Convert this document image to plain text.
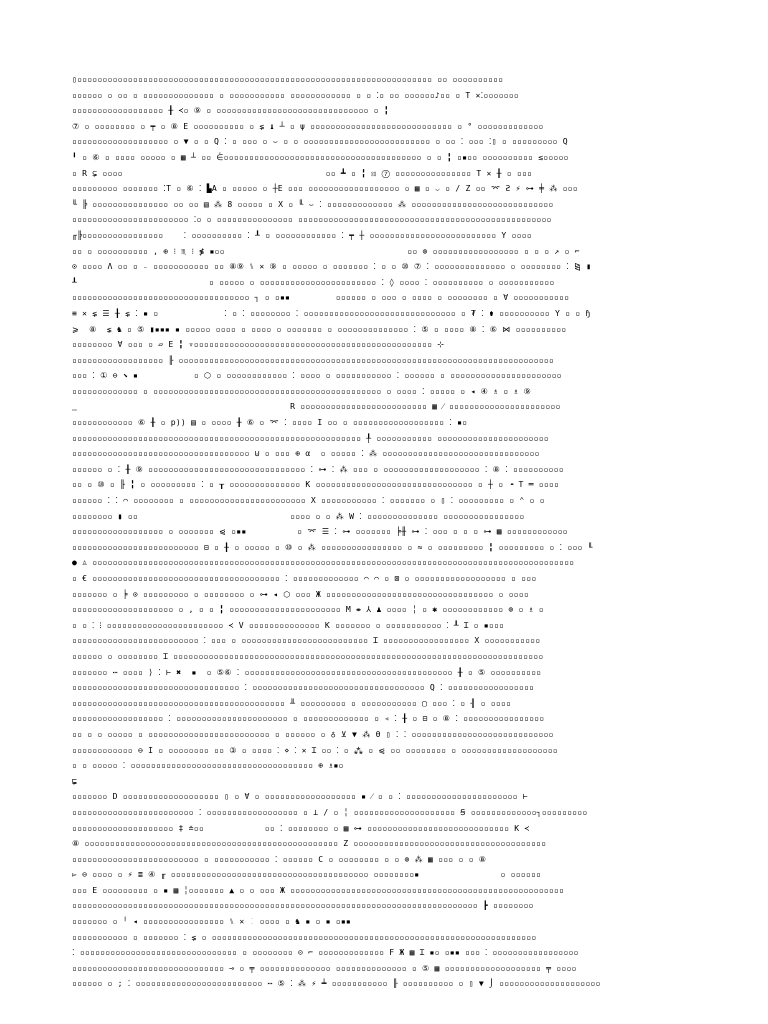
▯▫▫▫▫▫▫▫▫▫▫▫▫▫▫▫▫▫▫▫▫▫▫▫▫▫▫▫▫▫▫▫▫▫▫▫▫▫▫▫▫▫▫▫▫▫▫▫▫▫▫▫▫▫▫▫▫▫▫▫▫▫▫▫▫▫▫▫▫▫▫ ▫▫ ▫▫▫▫▫▫▫▫▫▫
▫▫▫▫▫▫ ▫ ▫▫ ▫ ▫▫▫▫▫▫▫▫▫▫▫▫▫▫ ▫ ▫▫▫▫▫▫▫▫▫▫▫ ▫▫▫▫▫▫▫▫▫▫▫▫ ▫ ▫ ⁚▫ ▫▫ ▫▫▫▫▫▫♪▫▫ ▫ T ✕⁚▫▫▫▫▫▫▫
▫▫▫▫▫▫▫▫▫▫▫▫▫▫▫▫▫▫ ╂ ≺▫ ⑨ ▫ ▫▫▫▫▫▫▫▫▫▫▫▫▫▫▫▫▫▫▫▫▫▫▫▫▫▫▫▫▫▫ ▫ ╏
⑦ ▫ ▫▫▫▫▫▫▫▫ ▫ ┯ ▫ ⑧ E ▫▫▫▫▫▫▫▫▫▫ ▫ ⋦ ♝ ┴ ▫ ψ ▫▫▫▫▫▫▫▫▫▫▫▫▫▫▫▫▫▫▫▫▫▫▫▫▫▫▫▫ ▫ ° ▫▫▫▫▫▫▫▫▫▫▫▫▫
▫▫▫▫▫▫▫▫▫▫▫▫▫▫▫▫▫▫▫ ▫ ▼ ▫ ▫ Q ⁚ ▫ ▫▫▫ ▫ ⌣ ▫ ▫ ▫▫▫▫▫▫▫▫▫▫▫▫▫▫▫▫▫▫▫▫▫▫▫▫▫ ▫ ▫▫ ⁚ ▫▫▫ ⁚▯ ▫ ▫▫▫▫▫▫▫▫▫ Q
╹ ▫ ⑥ ▫ ▫▫▫▫ ▫▫▫▫▫ ▫ ▦ ┴ ▫▫ ⋵▫▫▫▫▫▫▫▫▫▫▫▫▫▫▫▫▫▫▫▫▫▫▫▫▫▫▫▫▫▫▫▫▫▫▫▫▫▫▫ ▫ ▫ ╏ ▫▪▫▫ ▫▫▫▫▫▫▫▫▫▫ ≲▫▫▫▫▫
▫ R ⊊ ▫▫▫▫                                        ▫▫ ┻ ▫ ╏ ⦂⦂ ⑦ ▫▫▫▫▫▫▫▫▫▫▫▫▫▫▫ T ✕ ╫ ▫ ▫▫▫
▫▫▫▫▫▫▫▫▫ ▫▫▫▫▫▫▫ ⁚T ▫ ⑥ ⁚ ▙A ▫ ▫▫▫▫▫ ▫ ┼E ▫▫▫ ▫▫▫▫▫▫▫▫▫▫▫▫▫▫▫▫▫▫ ▫ ▦ ▫ ⌵ ▫ / Z ▫▫ ⌤ Ƨ ⚡ ⊶ ╪ ⁂ ▫▫▫
╙ ╠ ▫▫▫▫▫▫▫▫▫▫▫▫▫▫▫ ▫▫ ▫▫ ▤ ⁂ 8 ▫▫▫▫▫ ▫ X ▫ ╙ ⌣ ⁚ ▫▫▫▫▫▫▫▫▫▫▫▫▫ ⁂ ▫▫▫▫▫▫▫▫▫▫▫▫▫▫▫▫▫▫▫▫▫▫▫▫▫▫▫▫
▫▫▫▫▫▫▫▫▫▫▫▫▫▫▫▫▫▫▫▫▫▫▫ ⁚▫ ▫ ▫▫▫▫▫▫▫▫▫▫▫▫▫▫▫ ▫▫▫▫▫▫▫▫▫▫▫▫▫▫▫▫▫▫▫▫▫▫▫▫▫▫▫▫▫▫▫▫▫▫▫▫▫▫▫▫▫▫▫▫▫▫▫▫▫▫
╓╠▫▫▫▫▫▫▫▫▫▫▫▫▫▫▫▫    ⁚ ▫▫▫▫▫▫▫▫▫▫ ⁚ ┸ ▫ ▫▫▫▫▫▫▫▫▫▫▫▫ ⁚ ┯ ┼ ▫▫▫▫▫▫▫▫▫▫▫▫▫▫▫▫▫▫▫▫▫▫▫▫▫ Y ▫▫▫▫
▫▫ ▫ ▫▫▫▫▫▫▫▫▫▫ , ⊕ ⁝ ♏ ⁝ ≸ ▪▫▫                                    ▫▫ ⊚ ▫▫▫▫▫▫▫▫▫▫▫▫▫▫▫▫▫ ▫ ▫ ▫ ↗ ▫ ⌐
⊙ ▫▫▫▫ Λ ▫▫ ▫ ₋ ▫▫▫▫▫▫▫▫▫▫▫ ▫▫ ⑧⑨ ⑊ ✕ ⑨ ▫ ▫▫▫▫▫ ▫ ▫▫▫▫▫▫▫ ⁚ ▫ ▫ ⑩ ⑦ ⁚ ▫▫▫▫▫▫▫▫▫▫▫▫▫▫ ▫ ▫▫▫▫▫▫▫▫ ⁚ ⧎ ▮
┸                          ▫ ▫▫▫▫▫ ▫ ▫▫▫▫▫▫▫▫▫▫▫▫▫▫▫▫▫▫▫▫▫▫▫ ⁚ ◊ ▫▫▫▫ ⁚ ▫▫▫▫▫▫▫▫▫▫ ▫ ▫▫▫▫▫▫▫▫▫▫▫
▫▫▫▫▫▫▫▫▫▫▫▫▫▫▫▫▫▫▫▫▫▫▫▫▫▫▫▫▫▫▫▫▫▫▫ ┐ ▫ ▫▪▪         ▫▫▫▫▫▫ ▫ ▫▫▫ ▫ ▫▫▫▫ ▫ ▫▫▫▫▫▫▫▫ ▫ ∀ ▫▫▫▫▫▫▫▫▫▫▫
≡ ✕ ⋦ ☰ ╂ ⋦ ⁚ ▪ ▫             ⁚ ▫ ⁚ ▫▫▫▫▫▫▫▫ ⁚ ▫▫▫▫▫▫▫▫▫▫▫▫▫▫▫▫▫▫▫▫▫▫▫▫▫▫▫▫▫▫ ▫ ₮ ⁚ ⚱ ▫▫▫▫▫▫▫▫▫▫ Y ▫ ▫ ɧ
⩾  ⑧  ⋦ ♞ ▫ ⑤ ▮▪▪▪ ▪ ▫▫▫▫▫ ▫▫▫▫ ▫ ▫▫▫▫ ▫ ▫▫▫▫▫▫▫ ▫ ▫▫▫▫▫▫▫▫▫▫▫▫▫▫ ⁚ ⑤ ▫ ▫▫▫▫ ⑧ ⁚ ⑥ ⋈ ▫▫▫▫▫▫▫▫▫▫
▫▫▫▫▫▫▫▫ ∀ ▫▫▫ ▫ ▱ E ╏ ▿▫▫▫▫▫▫▫▫▫▫▫▫▫▫▫▫▫▫▫▫▫▫▫▫▫▫▫▫▫▫▫▫▫▫▫▫▫▫▫▫▫▫▫▫▫▫▫ ⊹
▫▫▫▫▫▫▫▫▫▫▫▫▫▫▫▫▫▫ ╟ ▫▫▫▫▫▫▫▫▫▫▫▫▫▫▫▫▫▫▫▫▫▫▫▫▫▫▫▫▫▫▫▫▫▫▫▫▫▫▫▫▫▫▫▫▫▫▫▫▫▫▫▫▫▫▫▫▫▫▫▫▫▫▫▫▫▫▫▫▫▫▫▫▫▫
▫▫▫ ⁚ ① ⊖ ⬊ ▪           ▫ ⬡ ▫ ▫▫▫▫▫▫▫▫▫▫▫▫ ⁚ ▫▫▫▫ ▫ ▫▫▫▫▫▫▫▫▫▫▫ ⁚ ▫▫▫▫▫▫ ▫ ▫▫▫▫▫▫▫▫▫▫▫▫▫▫▫▫▫▫▫▫▫▫
▫▫▫▫▫▫▫▫▫▫▫▫▫ ▫ ▫▫▫▫▫▫▫▫▫▫▫▫▫▫▫▫▫▫▫▫▫▫▫▫▫▫▫▫▫▫▫▫▫▫▫▫▫▫▫▫▫▫▫▫▫ ▫ ▫▫▫▫ ⁚ ▫▫▫▫▫ ▫ ◂ ④ ♗ ▫ ♗ ⑨
‗                                          R ▫▫▫▫▫▫▫▫▫▫▫▫▫▫▫▫▫▫▫▫▫▫▫▫▫ ▦ ⁄ ▫▫▫▫▫▫▫▫▫▫▫▫▫▫▫▫▫▫▫▫▫▫
▫▫▫▫▫▫▫▫▫▫▫▫ ⑥ ╂ ▫ p)) ▤ ▫ ▫▫▫▫ ╂ ⑥ ▫ ⌤ ⁚ ▫▫▫▫ I ▫▫ ▫ ▫▫▫▫▫▫▫▫▫▫▫▫▫▫▫▫▫▫ ⁚ ▪▫
▫▫▫▫▫▫▫▫▫▫▫▫▫▫▫▫▫▫▫▫▫▫▫▫▫▫▫▫▫▫▫▫▫▫▫▫▫▫▫▫▫▫▫▫▫▫▫▫▫▫▫▫▫▫▫▫▫ ╀ ▫▫▫▫▫▫▫▫▫▫▫ ▫▫▫▫▫▫▫▫▫▫▫▫▫▫▫▫▫▫▫▫▫▫
▫▫▫▫▫▫▫▫▫▫▫▫▫▫▫▫▫▫▫▫▫▫▫▫▫▫▫▫▫▫▫▫▫▫▫ ⊍ ▫ ▫▫▫ ⊕ α  ▫ ▫▫▫▫▫ ⁚ ⁂ ▫▫▫▫▫▫▫▫▫▫▫▫▫▫▫▫▫▫▫▫▫▫▫▫▫▫▫▫▫▫▫
▫▫▫▫▫▫ ▫ ⁚ ╂ ⑨ ▫▫▫▫▫▫▫▫▫▫▫▫▫▫▫▫▫▫▫▫▫▫▫▫▫▫▫▫▫▫▫ ⁚ ⊶ ⁚ ⁂ ▫▫▫ ▫ ▫▫▫▫▫▫▫▫▫▫▫▫▫▫▫▫▫▫▫ ⁚ ⑧ ⁚ ▫▫▫▫▫▫▫▫▫▫
▫▫ ▫ ⑩ ▫ ╟ ╏ ▫ ▫▫▫▫▫▫▫▫▫ ⁚ ▫ ┰ ▫▫▫▫▫▫▫▫▫▫▫▫▫▫ K ▫▫▫▫▫▫▫▫▫▫▫▫▫▫▫▫▫▫▫▫▫▫▫▫▫▫▫▫▫▫▫ ▫ ┼ ▫ ╺ T ═ ▫▫▫▫
▫▫▫▫▫▫ ⁚ ⁚ ⌒ ▫▫▫▫▫▫▫▫ ▫ ▫▫▫▫▫▫▫▫▫▫▫▫▫▫▫▫▫▫▫▫▫▫▫ X ▫▫▫▫▫▫▫▫▫▫▫ ⁚ ▫▫▫▫▫▫▫ ▫ ▯ ⁚ ▫▫▫▫▫▫▫▫▫ ▫ ⌃ ▫ ▫
▫▫▫▫▫▫▫▫ ▮ ▫▫                              ▫▫▫▫ ▫ ▫ ⁂ W ⁚ ▫▫▫▫▫▫▫▫▫▫▫▫▫▫ ▫▫▫▫▫▫▫▫▫▫▫▫▫▫▫▫
▫▫▫▫▫▫▫▫▫▫▫▫▫▫▫▫▫▫ ▫ ▫▫▫▫▫▫▫ ⩿ ▫▪▪          ▫ ⌤ ☰ ⁚ ⊶ ▫▫▫▫▫▫▫ ╞╫ ⊶ ⁚ ▫▫▫ ▫ ▫ ▫ ⊶ ▦ ▫▫▫▫▫▫▫▫▫▫▫▫
▫▫▫▫▫▫▫▫▫▫▫▫▫▫▫▫▫▫▫▫▫▫▫▫▫ ⊟ ▫ ╂ ▫ ▫▫▫▫▫ ▫ ⑩ ▫ ⁂ ▫▫▫▫▫▫▫▫▫▫▫▫▫▫▫▫ ▫ ≈ ▫ ▫▫▫▫▫▫▫▫▫ ╏ ▫▫▫▫▫▫▫▫▫ ▫ ⁚ ▫▫▫ ╙
● ♙ ▫▫▫▫▫▫▫▫▫▫▫▫▫▫▫▫▫▫▫▫▫▫▫▫▫▫▫▫▫▫▫▫▫▫▫▫▫▫▫▫▫▫▫▫▫▫▫▫▫▫▫▫▫▫▫▫▫▫▫▫▫▫▫▫▫▫▫▫▫▫▫▫▫▫▫▫▫▫▫▫▫▫▫▫▫▫▫▫▫▫▫▫▫▫▫
▫ € ▫▫▫▫▫▫▫▫▫▫▫▫▫▫▫▫▫▫▫▫▫▫▫▫▫▫▫▫▫▫▫▫▫▫▫▫▫ ⁚ ▫▫▫▫▫▫▫▫▫▫▫▫▫ ⌒ ⌒ ▫ ⊠ ▫ ▫▫▫▫▫▫▫▫▫▫▫▫▫▫▫▫▫▫ ▫ ▫▫▫
▫▫▫▫▫▫▫ ▫ ╞ ⊙ ▫▫▫▫▫▫▫▫▫ ▫ ▫▫▫▫▫▫▫▫ ▫ ⊶ ◂ ⬡ ▫▫▫ Ж ▫▫▫▫▫▫▫▫▫▫▫▫▫▫▫▫▫▫▫▫▫▫▫▫▫▫▫▫▫▫▫▫▫ ▫ ▫▫▫▫
▫▫▫▫▫▫▫▫▫▫▫▫▫▫▫▫▫▫▫▫ ▫ , ▫ ▫ ╏ ▫▫▫▫▫▫▫▫▫▫▫▫▫▫▫▫▫▫▫▫▫▫ M ⇼ ⅄ ♟ ▫▫▫▫ ╎ ▫ ✱ ▫▫▫▫▫▫▫▫▫▫▫▫ ⊚ ▫ ♗ ▫
▫ ▫ ⁚ ⁝ ▫▫▫▫▫▫▫▫▫▫▫▫▫▫▫▫▫▫▫▫▫▫▫ ≺ V ▫▫▫▫▫▫▫▫▫▫▫▫▫▫ K ▫▫▫▫▫▫▫ ▫ ▫▫▫▫▫▫▫▫▫▫▫ ⁚ ┸ Ɪ ▫ ▪▫▫▫
▫▫▫▫▫▫▫▫▫▫▫▫▫▫▫▫▫▫▫▫▫▫▫▫▫ ⁚ ▫▫▫ ▫ ▫▫▫▫▫▫▫▫▫▫▫▫▫▫▫▫▫▫▫▫▫▫▫▫▫ Ɪ ▫▫▫▫▫▫▫▫▫▫▫▫▫▫▫▫▫ X ▫▫▫▫▫▫▫▫▫▫▫
▫▫▫▫▫▫ ▫ ▫▫▫▫▫▫▫▫ Ɪ ▫▫▫▫▫▫▫▫▫▫▫▫▫▫▫▫▫▫▫▫▫▫▫▫▫▫▫▫▫▫▫▫▫▫▫▫▫▫▫▫▫▫▫▫▫▫▫▫▫▫▫▫▫▫▫▫▫▫▫▫▫▫▫▫▫▫▫▫▫▫▫▫▫
▫▫▫▫▫▫▫ ⋯ ▫▫▫▫ ⟩ ⁚ ⊢ ✖  ▪  ▫ ⑤⑥ ⁚ ▫▫▫▫▫▫▫▫▫▫▫▫▫▫▫▫▫▫▫▫▫▫▫▫▫▫▫▫▫▫▫▫▫▫▫▫▫▫▫▫▫ ╂ ▫ ⑤ ▫▫▫▫▫▫▫▫▫▫
▫▫▫▫▫▫▫▫▫▫▫▫▫▫▫▫▫▫▫▫▫▫▫▫▫▫▫▫▫▫▫▫▫ ⁚ ▫▫▫▫▫▫▫▫▫▫▫▫▫▫▫▫▫▫▫▫▫▫▫▫▫▫▫▫▫▫▫▫▫▫ Q ⁚ ▫▫▫▫▫▫▫▫▫▫▫▫▫▫▫▫▫
▫▫▫▫▫▫▫▫▫▫▫▫▫▫▫▫▫▫▫▫▫▫▫▫▫▫▫▫▫▫▫▫▫▫▫▫▫▫▫▫▫▫ ╨ ▫▫▫▫▫▫▫▫▫ ▫ ▫▫▫▫▫▫▫▫▫▫▫ ▢ ▫▫▫ ⁚ ▫ ╢ ▫ ▫▫▫▫
▫▫▫▫▫▫▫▫▫▫▫▫▫▫▫▫▫▫ ⁚ ▫▫▫▫▫▫▫▫▫▫▫▫▫▫▫▫▫▫▫▫▫▫ ▫ ▫▫▫▫▫▫▫▫▫▫▫▫▫ ▫ ◃ ⁚ ╂ ▫ ⊟ ▫ ⑧ ⁚ ▫▫▫▫▫▫▫▫▫▫▫▫▫▫▫▫
▫▫ ▫ ▫ ▫▫▫▫▫ ▫ ▫▫▫▫▫▫▫▫▫▫▫▫▫▫▫▫▫▫▫▫▫▫▫▫ ▫ ▫▫▫▫▫▫ ▫ ♁ ⊻ ▼ ⁂ θ ▯ ⁚ ⁚ ▫▫▫▫▫▫▫▫▫▫▫▫▫▫▫▫▫▫▫▫▫▫▫▫▫▫▫▫
▫▫▫▫▫▫▫▫▫▫▫▫ ⊖ I ▫ ▫▫▫▫▫▫▫▫ ▫▫ ③ ▫ ▫▫▫▫ ⁚ ⋄ ⁚ ✕ Ɪ ▫▫ ⁚ ▫ ⁂ ▫ ⩿ ▫▫ ▫▫▫▫▫▫▫▫ ▫ ▫▫▫▫▫▫▫▫▫▫▫▫▫▫▫▫▫▫▫
▫ ▫ ▫▫▫▫▫ ⁚ ▫▫▫▫▫▫▫▫▫▫▫▫▫▫▫▫▫▫▫▫▫▫▫▫▫▫▫▫▫▫▫▫▫▫▫▫ ⊕ ♗▪▫
⋤
▫▫▫▫▫▫▫ D ▫▫▫▫▫▫▫▫▫▫▫▫▫▫▫▫▫▫▫ ▯ ▫ ∀ ▫ ▫▫▫▫▫▫▫▫▫▫▫▫▫▫▫▫▫▫ ▪ ⁄ ▫ ▫ ⁚ ▫▫▫▫▫▫▫▫▫▫▫▫▫▫▫▫▫▫▫▫▫▫ ⊢
▫▫▫▫▫▫▫▫▫▫▫▫▫▫▫▫▫▫▫▫▫▫▫▫ ⁚ ▫▫▫▫▫▫▫▫▫▫▫▫▫▫▫▫▫▫ ▫ ⊥ / ▫ ╎ ▫▫▫▫▫▫▫▫▫▫▫▫▫▫▫▫▫▫▫▫ Ꞩ ▫▫▫▫▫▫▫▫▫▫▫▫▫┐▫▫▫▫▫▫▫▫▫
▫▫▫▫▫▫▫▫▫▫▫▫▫▫▫▫▫▫▫▫ ‡ ≐▫▫            ▫▫ ⁚ ▫▫▫▫▫▫▫▫ ▫ ▦ ⊶ ▫▫▫▫▫▫▫▫▫▫▫▫▫▫▫▫▫▫▫▫▫▫▫▫▫▫▫▫ K ≺
⑧ ▫▫▫▫▫▫▫▫▫▫▫▫▫▫▫▫▫▫▫▫▫▫▫▫▫▫▫▫▫▫▫▫▫▫▫▫▫▫▫▫▫▫▫▫▫▫▫▫▫▫ Z ▫▫▫▫▫▫▫▫▫▫▫▫▫▫▫▫▫▫▫▫▫▫▫▫▫▫▫▫▫▫▫▫▫▫▫▫▫▫
▫▫▫▫▫▫▫▫▫▫▫▫▫▫▫▫▫▫▫▫▫▫▫▫▫ ▫ ▫▫▫▫▫▫▫▫▫▫▫ ⁚ ▫▫▫▫▫▫ C ▫ ▫▫▫▫▫▫▫▫ ▫ ▫ ⊚ ⁂ ▦ ▫▫▫ ▫ ▫ ⑧
▻ ⊖ ▫▫▫▫ ▫ ⚡ ≣ ④ ╓ ▫▫▫▫▫▫▫▫▫▫▫▫▫▫▫▫▫▫▫▫▫▫▫▫▫▫▫▫▫▫▫▫▫▫▫▫▫▫▫ ▫▫▫▫▫▫▫▫▪                ▫ ▫▫▫▫▫▫
▫▫▫ E ▫▫▫▫▫▫▫▫▫ ▫ ▪ ▦ ╎▫▫▫▫▫▫▫ ▲ ▫ ▫ ▫▫▫ Ж ▫▫▫▫▫▫▫▫▫▫▫▫▫▫▫▫▫▫▫▫▫▫▫▫▫▫▫▫▫▫▫▫▫▫▫▫▫▫▫▫▫▫▫▫▫▫▫▫▫▫▫▫▫▫
▫▫▫▫▫▫▫▫▫▫▫▫▫▫▫▫▫▫▫▫▫▫▫▫▫▫▫▫▫▫▫▫▫▫▫▫▫▫▫▫▫▫▫▫▫▫▫▫▫▫▫▫▫▫▫▫▫▫▫▫▫▫▫▫▫▫▫▫▫▫▫▫▫▫▫▫▫▫▫▫ ┣ ▫▫▫▫▫▫▫▫
▫▫▫▫▫▫▫ ▫ ╵ ◂ ▫▫▫▫▫▫▫▫▫▫▫▫▫▫▫▫ ⑊ ✕ ⁚ ▫▫▫▫ ▫ ♞ ▪ ▫ ▪ ▫▪▪
▫▫▫▫▫▫▫▫▫▫▫ ▫ ▫▫▫▫▫▫▫ ⁚ ⋦ ▫ ▫▫▫▫▫▫▫▫▫▫▫▫▫▫▫▫▫▫▫▫▫▫▫▫▫▫▫▫▫▫▫▫▫▫▫▫▫▫▫▫▫▫▫▫▫▫▫▫▫▫▫▫▫▫▫▫▫▫▫▫▫▫▫▫
⁚ ▫▫▫▫▫▫▫▫▫▫▫▫▫▫▫▫▫▫▫▫▫▫▫▫▫▫▫▫▫▫▫ ▫ ▫▫▫▫▫▫▫▫ ⊝ ⌐ ▫▫▫▫▫▫▫▫▫▫▫▫▫ F Ж ▦ Ɪ ▪▫ ▫▪▪ ▫▫▫ ⁚ ▫▫▫▫▫▫▫▫▫▫▫▫▫▫▫▫▫
▫▫▫▫▫▫▫▫▫▫▫▫▫▫▫▫▫▫▫▫▫▫▫▫▫▫▫▫▫▫ ⊸ ▫ ╤ ▫▫▫▫▫▫▫▫▫▫▫▫▫▫ ▫▫▫▫▫▫▫▫▫▫▫▫▫▫ ▫ ⑤ ▦ ▫▫▫▫▫▫▫▫▫▫▫▫▫▫▫▫▫▫▫ ╤ ▫▫▫▫
▫▫▫▫▫▫ ▫ ; ⁚ ▫▫▫▫▫▫▫▫▫▫▫▫▫▫▫▫▫▫▫▫▫▫▫▫▫ ⋯ ⑤ ⁚ ⁂ ⚡ ┷ ▫▫▫▫▫▫▫▫▫▫▫ ╟ ▫▫▫▫▫▫▫▫▫▫ ▫ ▯ ▼ ⌡ ▫▫▫▫▫▫▫▫▫▫▫▫▫▫▫▫▫▫▫▫
